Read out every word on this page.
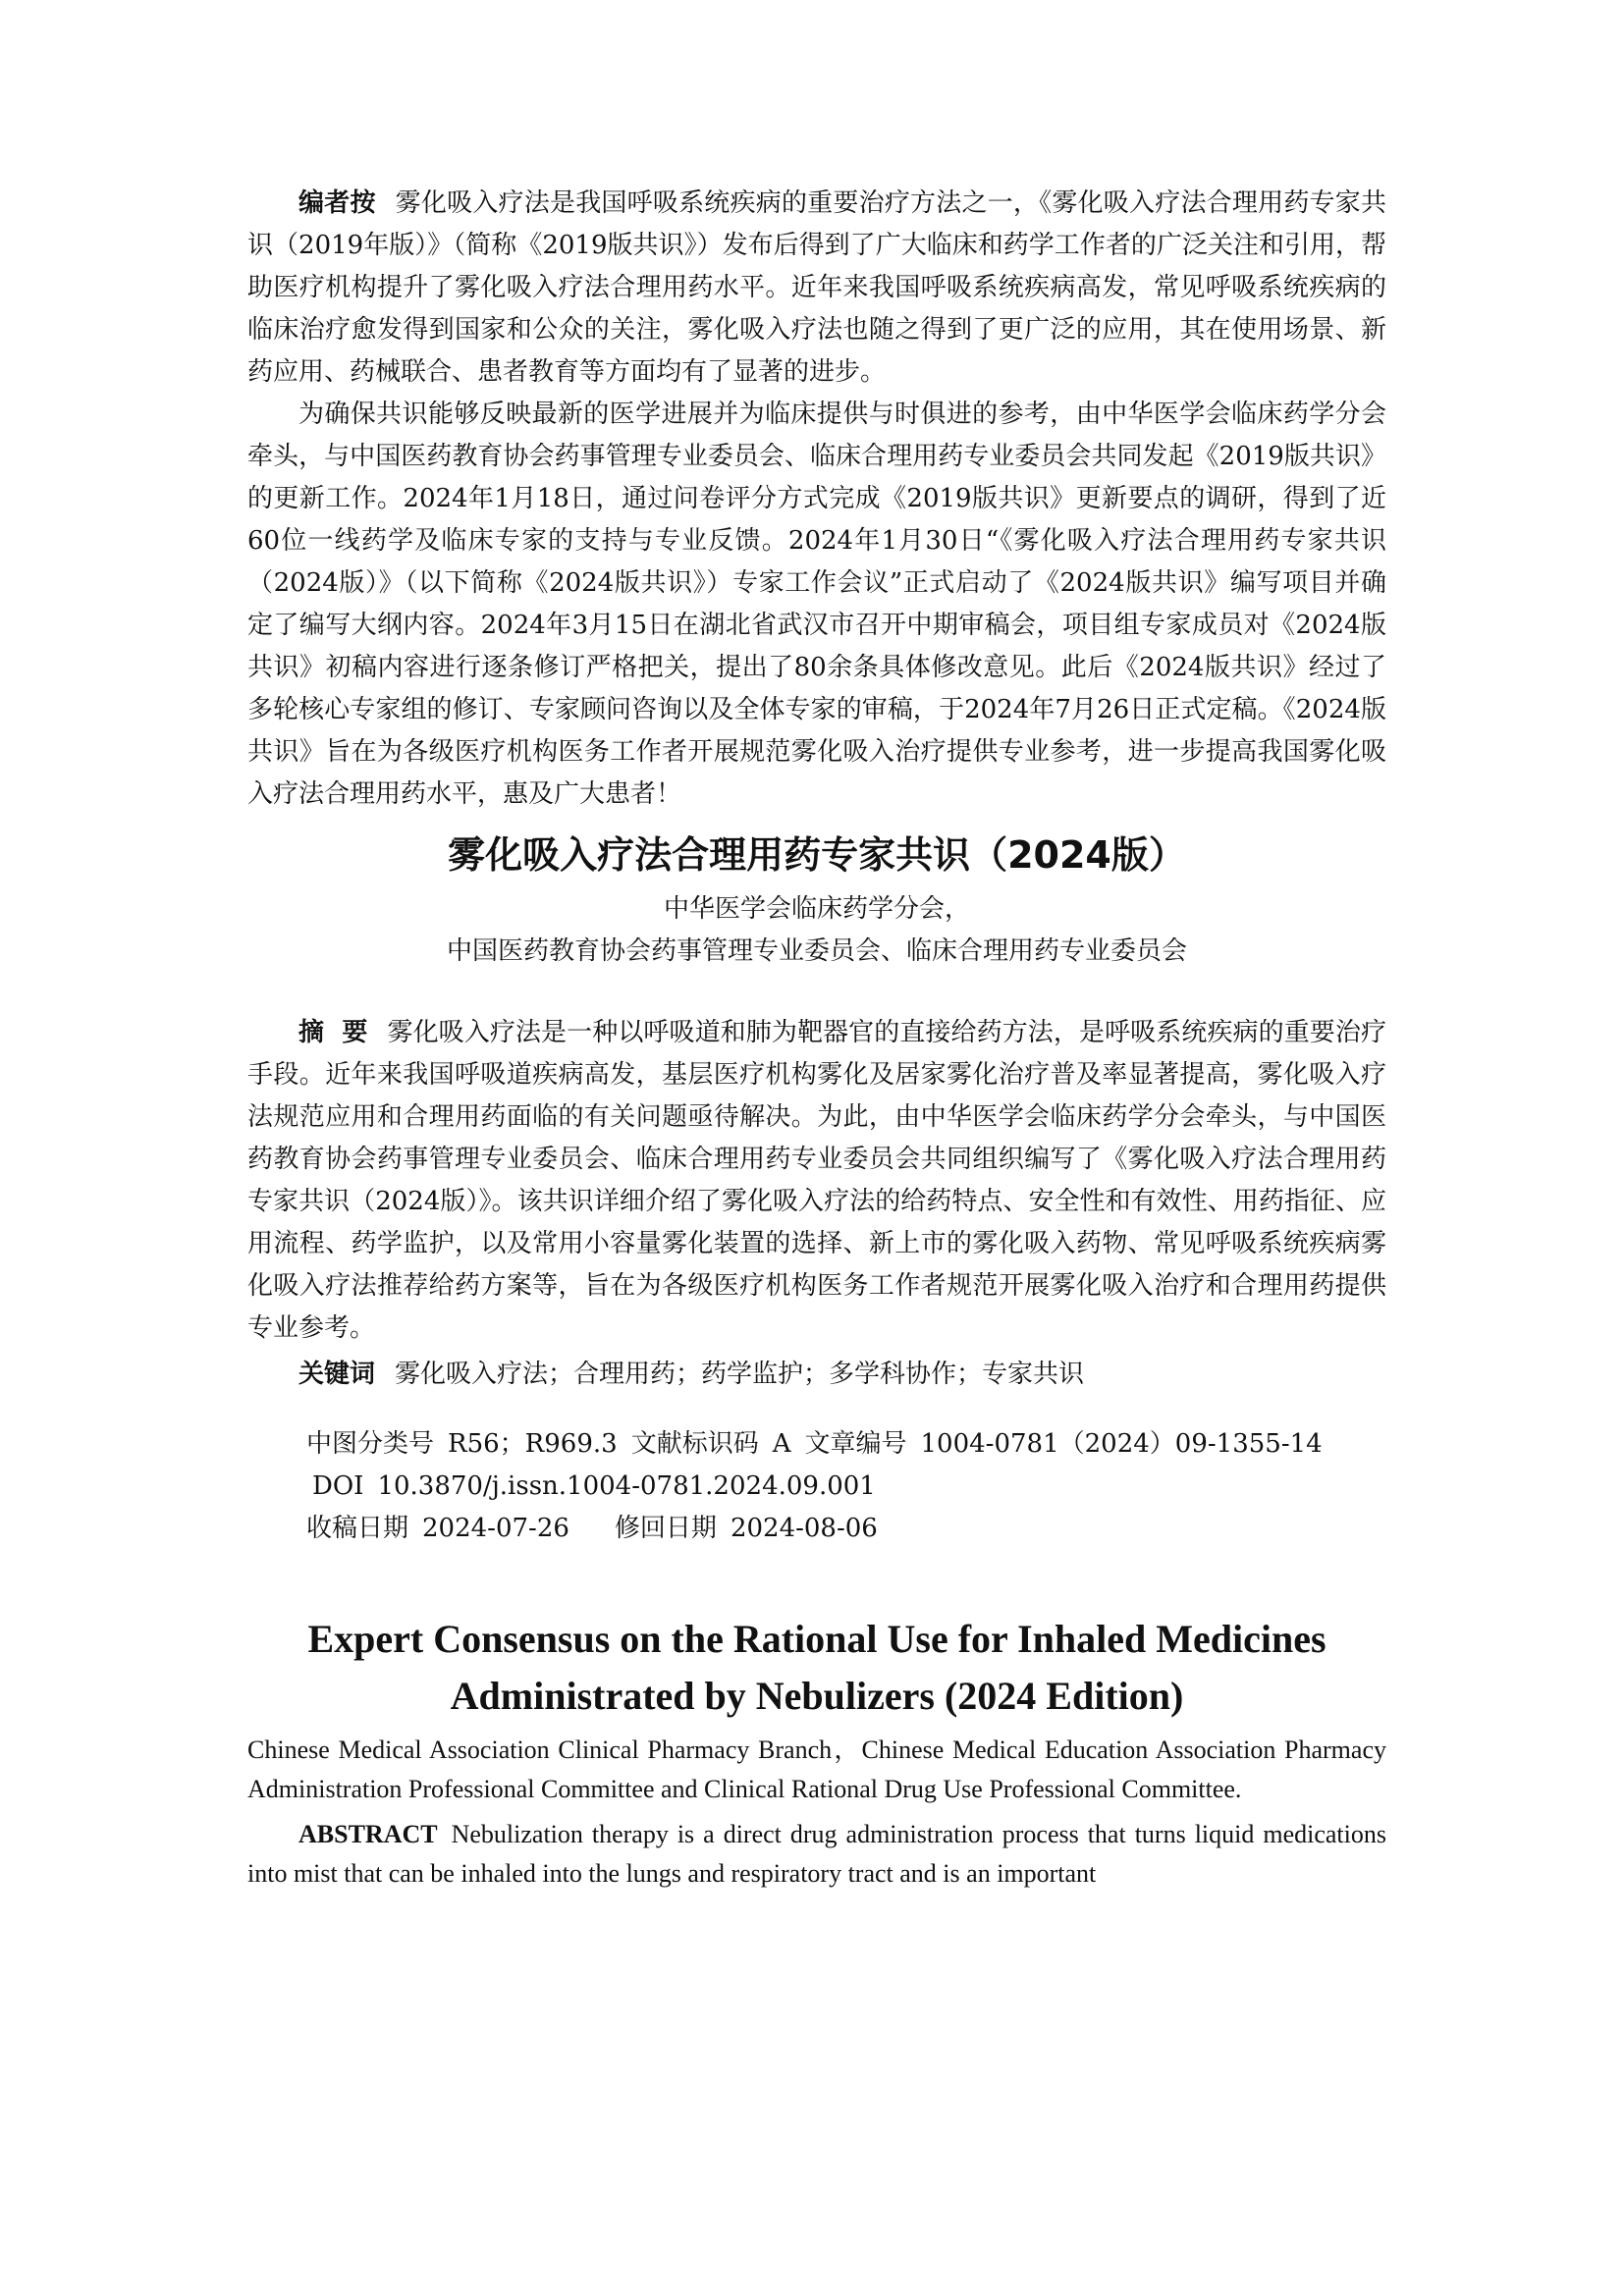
编者按 雾化吸入疗法是我国呼吸系统疾病的重要治疗方法之一，《雾化吸入疗法合理用药专家共识（2019年版）》（简称《2019版共识》）发布后得到了广大临床和药学工作者的广泛关注和引用，帮助医疗机构提升了雾化吸入疗法合理用药水平。近年来我国呼吸系统疾病高发，常见呼吸系统疾病的临床治疗愈发得到国家和公众的关注，雾化吸入疗法也随之得到了更广泛的应用，其在使用场景、新药应用、药械联合、患者教育等方面均有了显著的进步。

为确保共识能够反映最新的医学进展并为临床提供与时俱进的参考，由中华医学会临床药学分会牵头，与中国医药教育协会药事管理专业委员会、临床合理用药专业委员会共同发起《2019版共识》的更新工作。2024年1月18日，通过问卷评分方式完成《2019版共识》更新要点的调研，得到了近60位一线药学及临床专家的支持与专业反馈。2024年1月30日“《雾化吸入疗法合理用药专家共识（2024版）》（以下简称《2024版共识》）专家工作会议”正式启动了《2024版共识》编写项目并确定了编写大纲内容。2024年3月15日在湖北省武汉市召开中期审稿会，项目组专家成员对《2024版共识》初稿内容进行逐条修订严格把关，提出了80余条具体修改意见。此后《2024版共识》经过了多轮核心专家组的修订、专家顾问咨询以及全体专家的审稿，于2024年7月26日正式定稿。《2024版共识》旨在为各级医疗机构医务工作者开展规范雾化吸入治疗提供专业参考，进一步提高我国雾化吸入疗法合理用药水平，惠及广大患者！

雾化吸入疗法合理用药专家共识（2024版）
中华医学会临床药学分会，
中国医药教育协会药事管理专业委员会、临床合理用药专业委员会

摘  要 雾化吸入疗法是一种以呼吸道和肺为靶器官的直接给药方法，是呼吸系统疾病的重要治疗手段。近年来我国呼吸道疾病高发，基层医疗机构雾化及居家雾化治疗普及率显著提高，雾化吸入疗法规范应用和合理用药面临的有关问题亟待解决。为此，由中华医学会临床药学分会牵头，与中国医药教育协会药事管理专业委员会、临床合理用药专业委员会共同组织编写了《雾化吸入疗法合理用药专家共识（2024版）》。该共识详细介绍了雾化吸入疗法的给药特点、安全性和有效性、用药指征、应用流程、药学监护，以及常用小容量雾化装置的选择、新上市的雾化吸入药物、常见呼吸系统疾病雾化吸入疗法推荐给药方案等，旨在为各级医疗机构医务工作者规范开展雾化吸入治疗和合理用药提供专业参考。

关键词 雾化吸入疗法；合理用药；药学监护；多学科协作；专家共识

中图分类号 R56；R969.3 文献标识码 A 文章编号 1004-0781（2024）09-1355-14
DOI 10.3870/j.issn.1004-0781.2024.09.001
收稿日期 2024-07-26 修回日期 2024-08-06
Expert Consensus on the Rational Use for Inhaled Medicines
Administrated by Nebulizers (2024 Edition)

Chinese Medical Association Clinical Pharmacy Branch，Chinese Medical Education Association Pharmacy Administration Professional Committee and Clinical Rational Drug Use Professional Committee.

ABSTRACT Nebulization therapy is a direct drug administration process that turns liquid medications into mist that can be inhaled into the lungs and respiratory tract and is an important
